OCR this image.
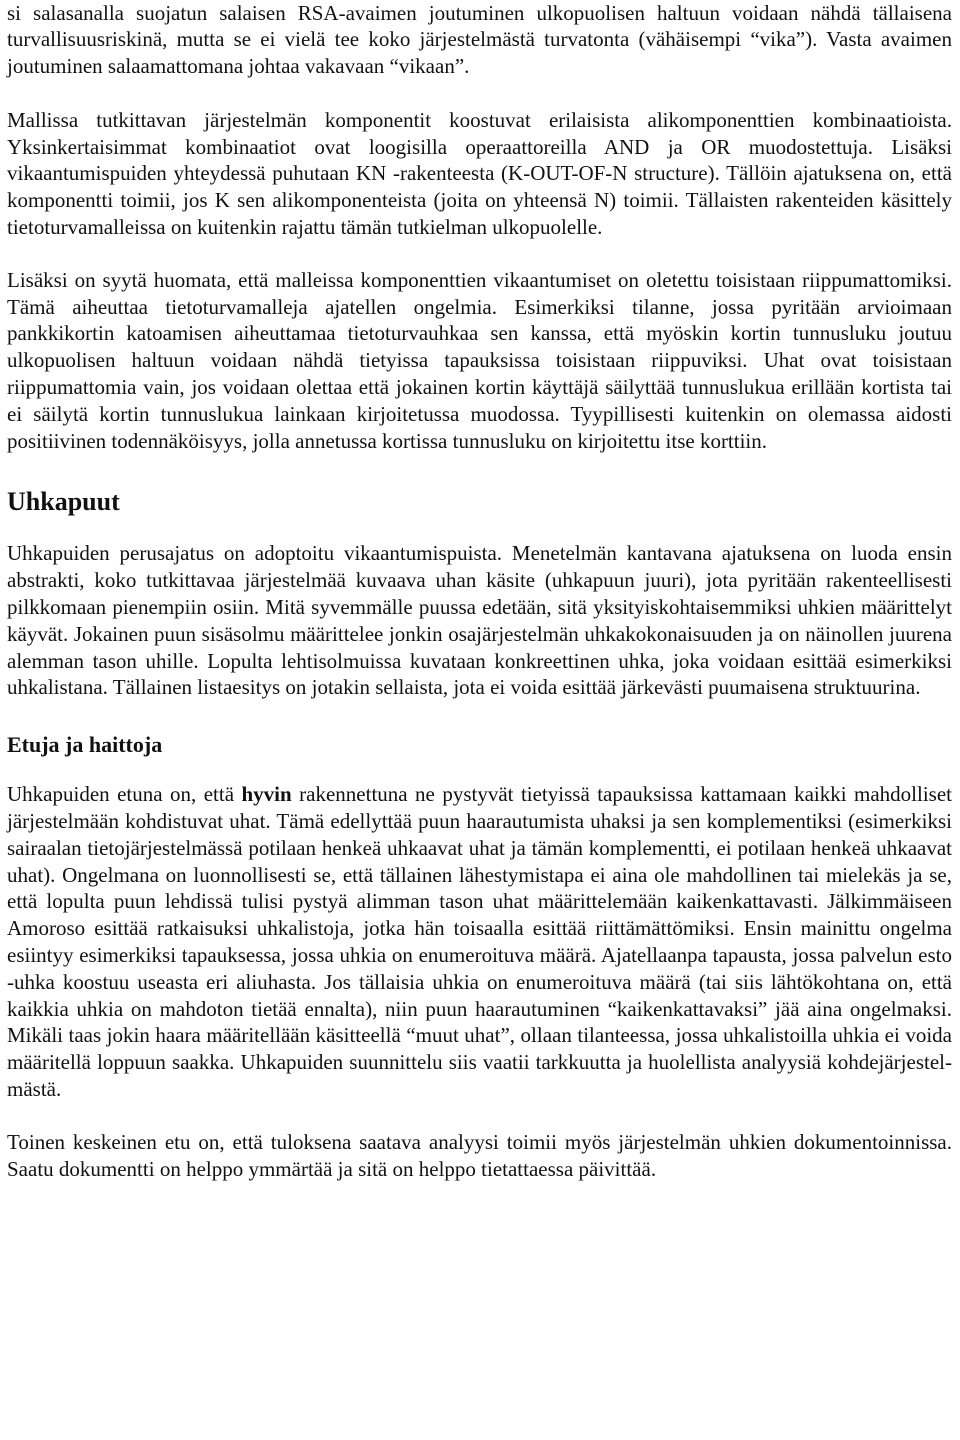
si salasanalla suojatun salaisen RSA-avaimen joutuminen ulkopuolisen haltuun voidaan nähdä tällaisena turvallisuusriskinä, mutta se ei vielä tee koko järjestelmästä turvatonta (vähäisempi “vika”). Vasta avaimen joutuminen salaamattomana johtaa vakavaan “vikaan”.

Mallissa tutkittavan järjestelmän komponentit koostuvat erilaisista alikomponenttien kombinaatioista. Yksinkertaisimmat kombinaatiot ovat loogisilla operaattoreilla AND ja OR muodostettuja. Lisäksi vikaantumispuiden yhteydessä puhutaan KN -rakenteesta (K-OUT-OF-N structure). Tällöin ajatuksena on, että komponentti toimii, jos K sen alikomponenteista (joita on yhteensä N) toimii. Tällaisten rakenteiden käsittely tietoturvamalleissa on kuitenkin rajattu tämän tutkielman ulkopuolelle.

Lisäksi on syytä huomata, että malleissa komponenttien vikaantumiset on oletettu toisistaan riippumattomiksi. Tämä aiheuttaa tietoturvamalleja ajatellen ongelmia. Esimerkiksi tilanne, jossa pyritään arvioimaan pankkikortin katoamisen aiheuttamaa tietoturvauhkaa sen kanssa, että myöskin kortin tunnusluku joutuu ulkopuolisen haltuun voidaan nähdä tietyissa tapauksissa toisistaan riippuviksi. Uhat ovat toisistaan riippumattomia vain, jos voidaan olettaa että jokainen kortin käyttäjä säilyttää tunnuslukua erillään kortista tai ei säilytä kortin tunnuslukua lainkaan kirjoitetussa muodossa. Tyypillisesti kuitenkin on olemassa aidosti positiivinen todennäköisyys, jolla annetussa kortissa tunnusluku on kirjoitettu itse korttiin.

Uhkapuut

Uhkapuiden perusajatus on adoptoitu vikaantumispuista. Menetelmän kantavana ajatuksena on luoda ensin abstrakti, koko tutkittavaa järjestelmää kuvaava uhan käsite (uhkapuun juuri), jota pyritään rakenteellisesti pilkkomaan pienempiin osiin. Mitä syvemmälle puussa edetään, sitä yksityiskohtaisemmiksi uhkien määrittelyt käyvät. Jokainen puun sisäsolmu määrittelee jonkin osajärjestelmän uhkakokonaisuuden ja on näinollen juurena alemman tason uhille. Lopulta lehtisolmuissa kuvataan konkreettinen uhka, joka voidaan esittää esimerkiksi uhkalistana. Tällainen listaesitys on jotakin sellaista, jota ei voida esittää järkevästi puumaisena struktuurina.

Etuja ja haittoja

Uhkapuiden etuna on, että hyvin rakennettuna ne pystyvät tietyissä tapauksissa kattamaan kaikki mahdolliset järjestelmään kohdistuvat uhat. Tämä edellyttää puun haarautumista uhaksi ja sen komplementiksi (esimerkiksi sairaalan tietojärjestelmässä potilaan henkeä uhkaavat uhat ja tämän komplementti, ei potilaan henkeä uhkaavat uhat). Ongelmana on luonnollisesti se, että tällainen lähestymistapa ei aina ole mahdollinen tai mielekäs ja se, että lopulta puun lehdissä tulisi pystyä alimman tason uhat määrittelemään kaikenkattavasti. Jälkimmäiseen Amoroso esittää ratkaisuksi uhkalistoja, jotka hän toisaalla esittää riittämättömiksi. Ensin mainittu ongelma esiintyy esimerkiksi tapauksessa, jossa uhkia on enumeroituva määrä. Ajatellaanpa tapausta, jossa palvelun esto -uhka koostuu useasta eri aliuhasta. Jos tällaisia uhkia on enumeroituva määrä (tai siis lähtökohtana on, että kaikkia uhkia on mahdoton tietää ennalta), niin puun haarautuminen “kaikenkattavaksi” jää aina ongelmaksi. Mikäli taas jokin haara määritellään käsitteellä “muut uhat”, ollaan tilanteessa, jossa uhkalistoilla uhkia ei voida määritellä loppuun saakka. Uhkapuiden suunnittelu siis vaatii tarkkuutta ja huolellista analyysiä kohdejärjestelmästä.

Toinen keskeinen etu on, että tuloksena saatava analyysi toimii myös järjestelmän uhkien dokumentoinnissa. Saatu dokumentti on helppo ymmärtää ja sitä on helppo tietattaessa päivittää.
